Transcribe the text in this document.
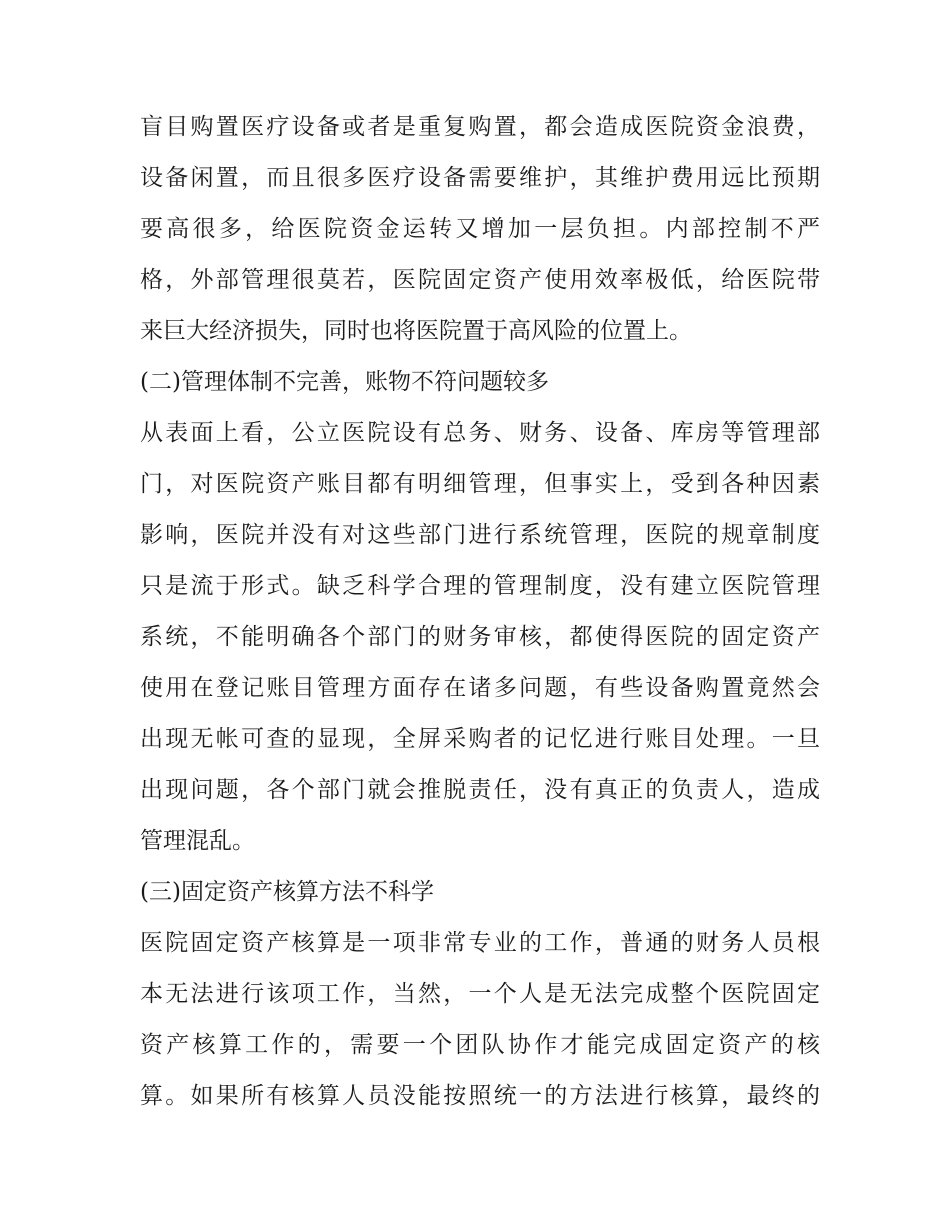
盲目购置医疗设备或者是重复购置，都会造成医院资金浪费，
设备闲置，而且很多医疗设备需要维护，其维护费用远比预期
要高很多，给医院资金运转又增加一层负担。内部控制不严
格，外部管理很莫若，医院固定资产使用效率极低，给医院带
来巨大经济损失，同时也将医院置于高风险的位置上。
(二)管理体制不完善，账物不符问题较多
从表面上看，公立医院设有总务、财务、设备、库房等管理部
门，对医院资产账目都有明细管理，但事实上，受到各种因素
影响，医院并没有对这些部门进行系统管理，医院的规章制度
只是流于形式。缺乏科学合理的管理制度，没有建立医院管理
系统，不能明确各个部门的财务审核，都使得医院的固定资产
使用在登记账目管理方面存在诸多问题，有些设备购置竟然会
出现无帐可查的显现，全屏采购者的记忆进行账目处理。一旦
出现问题，各个部门就会推脱责任，没有真正的负责人，造成
管理混乱。
(三)固定资产核算方法不科学
医院固定资产核算是一项非常专业的工作，普通的财务人员根
本无法进行该项工作，当然，一个人是无法完成整个医院固定
资产核算工作的，需要一个团队协作才能完成固定资产的核
算。如果所有核算人员没能按照统一的方法进行核算，最终的
